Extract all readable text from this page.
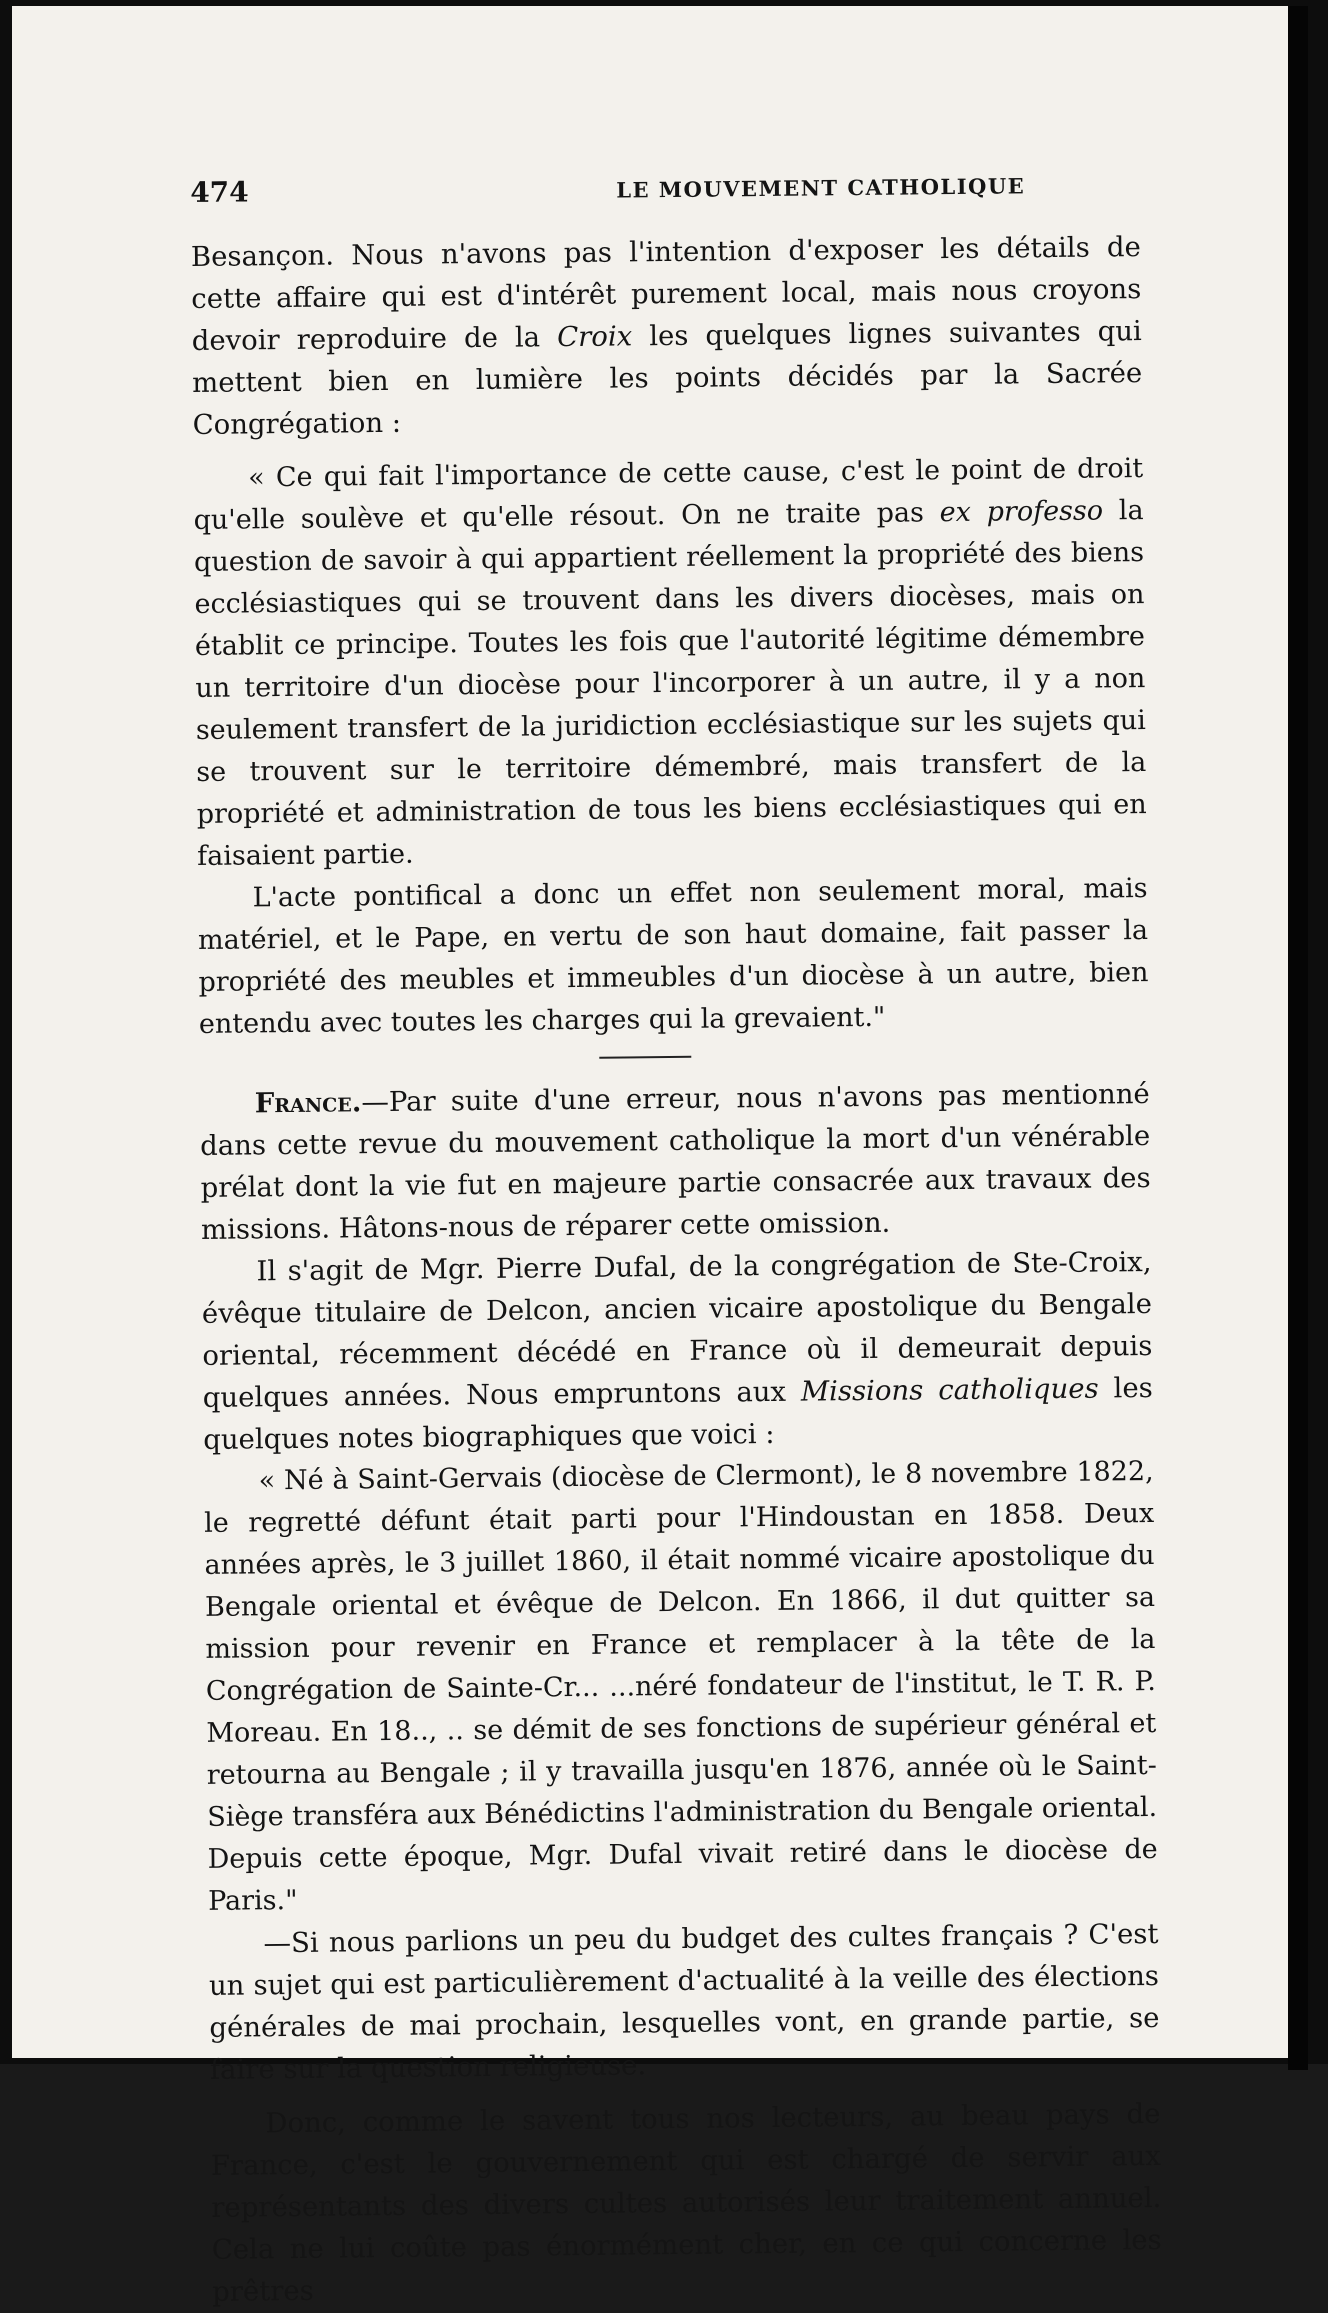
474	LE MOUVEMENT CATHOLIQUE

Besançon. Nous n'avons pas l'intention d'exposer les détails de cette affaire qui est d'intérêt purement local, mais nous croyons devoir reproduire de la Croix les quelques lignes suivantes qui mettent bien en lumière les points décidés par la Sacrée Congrégation :

« Ce qui fait l'importance de cette cause, c'est le point de droit qu'elle soulève et qu'elle résout. On ne traite pas ex professo la question de savoir à qui appartient réellement la propriété des biens ecclésiastiques qui se trouvent dans les divers diocèses, mais on établit ce principe. Toutes les fois que l'autorité légitime démembre un territoire d'un diocèse pour l'incorporer à un autre, il y a non seulement transfert de la juridiction ecclésiastique sur les sujets qui se trouvent sur le territoire démembré, mais transfert de la propriété et administration de tous les biens ecclésiastiques qui en faisaient partie.

L'acte pontifical a donc un effet non seulement moral, mais matériel, et le Pape, en vertu de son haut domaine, fait passer la propriété des meubles et immeubles d'un diocèse à un autre, bien entendu avec toutes les charges qui la grevaient."

France.—Par suite d'une erreur, nous n'avons pas mentionné dans cette revue du mouvement catholique la mort d'un vénérable prélat dont la vie fut en majeure partie consacrée aux travaux des missions. Hâtons-nous de réparer cette omission.

Il s'agit de Mgr. Pierre Dufal, de la congrégation de Ste-Croix, évêque titulaire de Delcon, ancien vicaire apostolique du Bengale oriental, récemment décédé en France où il demeurait depuis quelques années. Nous empruntons aux Missions catholiques les quelques notes biographiques que voici :

« Né à Saint-Gervais (diocèse de Clermont), le 8 novembre 1822, le regretté défunt était parti pour l'Hindoustan en 1858. Deux années après, le 3 juillet 1860, il était nommé vicaire apostolique du Bengale oriental et évêque de Delcon. En 1866, il dut quitter sa mission pour revenir en France et remplacer à la tête de la Congrégation de Sainte-Cr... ...néré fondateur de l'institut, le T. R. P. Moreau. En 18.., .. se démit de ses fonctions de supérieur général et retourna au Bengale ; il y travailla jusqu'en 1876, année où le Saint-Siège transféra aux Bénédictins l'administration du Bengale oriental. Depuis cette époque, Mgr. Dufal vivait retiré dans le diocèse de Paris."

—Si nous parlions un peu du budget des cultes français ? C'est un sujet qui est particulièrement d'actualité à la veille des élections générales de mai prochain, lesquelles vont, en grande partie, se faire sur la question religieuse.

Donc, comme le savent tous nos lecteurs, au beau pays de France, c'est le gouvernement qui est chargé de servir aux représentants des divers cultes autorisés leur traitement annuel. Cela ne lui coûte pas énormément cher, en ce qui concerne les prêtres
